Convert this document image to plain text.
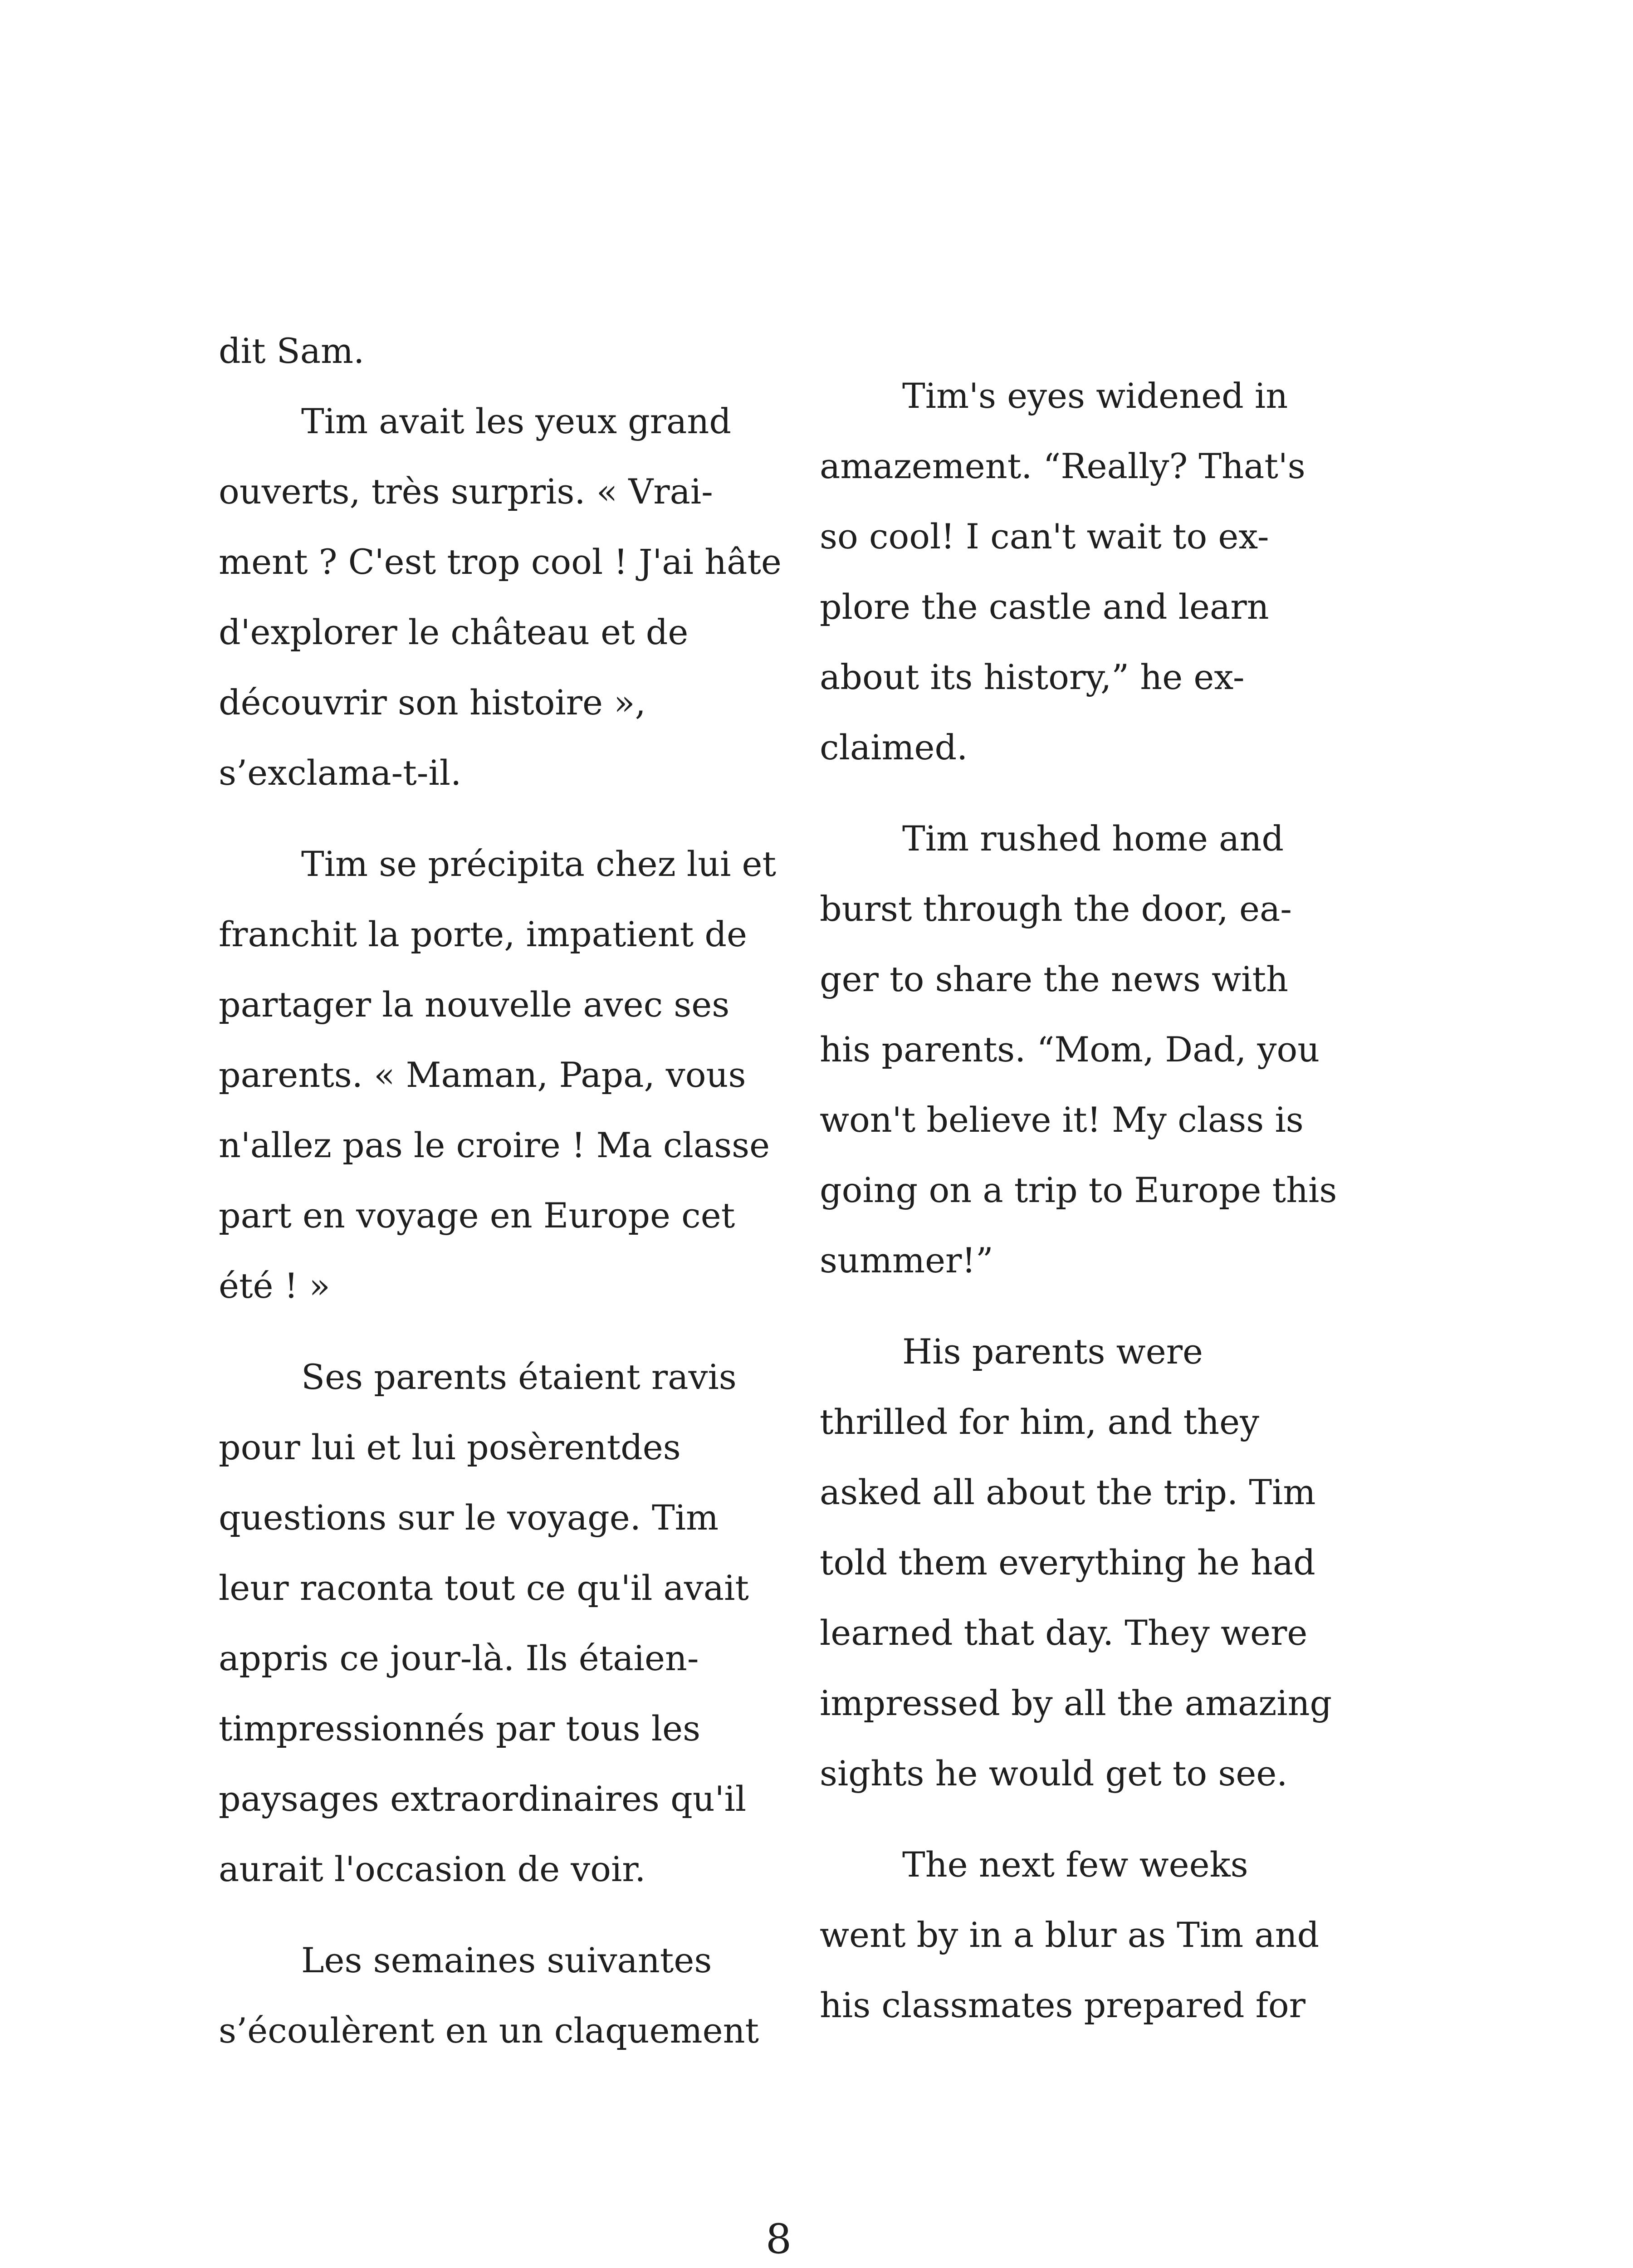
dit Sam.
Tim avait les yeux grand
ouverts, très surpris. « Vrai-
ment ? C'est trop cool ! J'ai hâte
d'explorer le château et de
découvrir son histoire »,
s’exclama-t-il.
Tim se précipita chez lui et
franchit la porte, impatient de
partager la nouvelle avec ses
parents. « Maman, Papa, vous
n'allez pas le croire ! Ma classe
part en voyage en Europe cet
été ! »
Ses parents étaient ravis
pour lui et lui posèrentdes
questions sur le voyage. Tim
leur raconta tout ce qu'il avait
appris ce jour-là. Ils étaien-
timpressionnés par tous les
paysages extraordinaires qu'il
aurait l'occasion de voir.
Les semaines suivantes
s’écoulèrent en un claquement
Tim's eyes widened in
amazement. “Really? That's
so cool! I can't wait to ex-
plore the castle and learn
about its history,” he ex-
claimed.
Tim rushed home and
burst through the door, ea-
ger to share the news with
his parents. “Mom, Dad, you
won't believe it! My class is
going on a trip to Europe this
summer!”
His parents were
thrilled for him, and they
asked all about the trip. Tim
told them everything he had
learned that day. They were
impressed by all the amazing
sights he would get to see.
The next few weeks
went by in a blur as Tim and
his classmates prepared for
8
